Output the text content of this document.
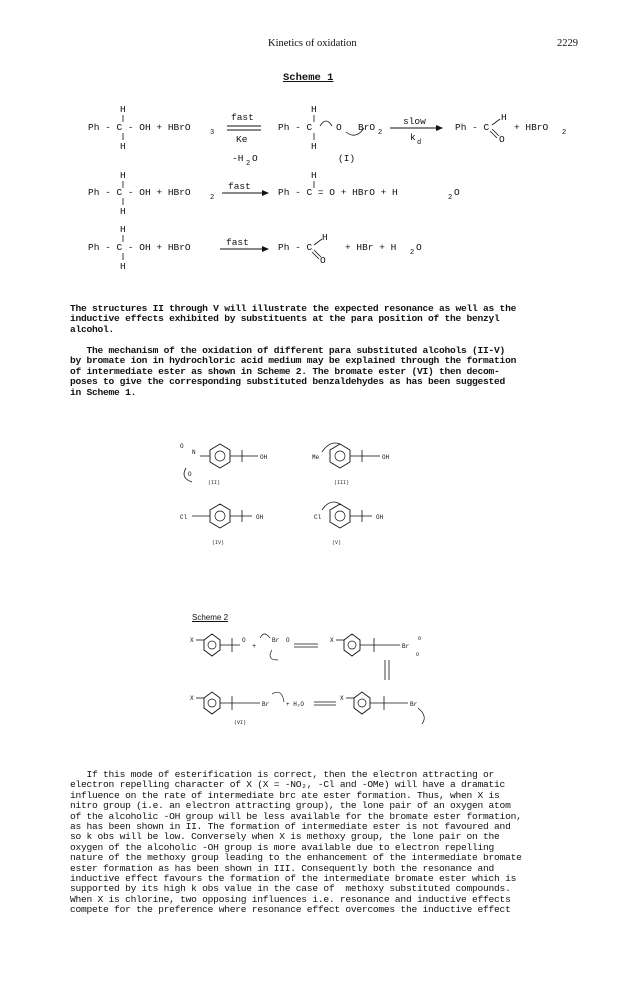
Kinetics of oxidation	2229
Scheme 1
H
Ph - C - OH + HBrO	3
H
fast
Ke
-H 2 O
H
Ph - C
H
O BrO 2
(I)
slow
k d
Ph - C
H
O
+ HBrO 2
H
Ph - C - OH + HBrO	2
H
fast
H
Ph - C = O + HBrO + H	2 O
H
Ph - C - OH + HBrO
H
fast	Ph - C
H
O
+ HBr + H 2 O
The structures II through V will illustrate the expected resonance as well as the
inductive effects exhibited by substituents at the para position of the benzyl
alcohol.
The mechanism of the oxidation of different para substituted alcohols (II-V)
by bromate ion in hydrochloric acid medium may be explained through the formation
of intermediate ester as shown in Scheme 2. The bromate ester (VI) then decom-
poses to give the corresponding substituted benzaldehydes as has been suggested
in Scheme 1.
OH
O
N
O
(II)
Me	OH
(III)
Cl	OH
(IV)
Cl	OH
(V)
X	O
+
Br O	X
Br
O
O
X
Br	+ H₂O
X
Br
(VI)
Scheme 2
If this mode of esterification is correct, then the electron attracting or
electron repelling character of X (X = -NO₂, -Cl and -OMe) will have a dramatic
influence on the rate of intermediate brc ate ester formation. Thus, when X is
nitro group (i.e. an electron attracting group), the lone pair of an oxygen atom
of the alcoholic -OH group will be less available for the bromate ester formation,
as has been shown in II. The formation of intermediate ester is not favoured and
so k obs will be low. Conversely when X is methoxy group, the lone pair on the
oxygen of the alcoholic -OH group is more available due to electron repelling
nature of the methoxy group leading to the enhancement of the intermediate bromate
ester formation as has been shown in III. Consequently both the resonance and
inductive effect favours the formation of the intermediate bromate ester which is
supported by its high k obs value in the case of  methoxy substituted compounds.
When X is chlorine, two opposing influences i.e. resonance and inductive effects
compete for the preference where resonance effect overcomes the inductive effect
